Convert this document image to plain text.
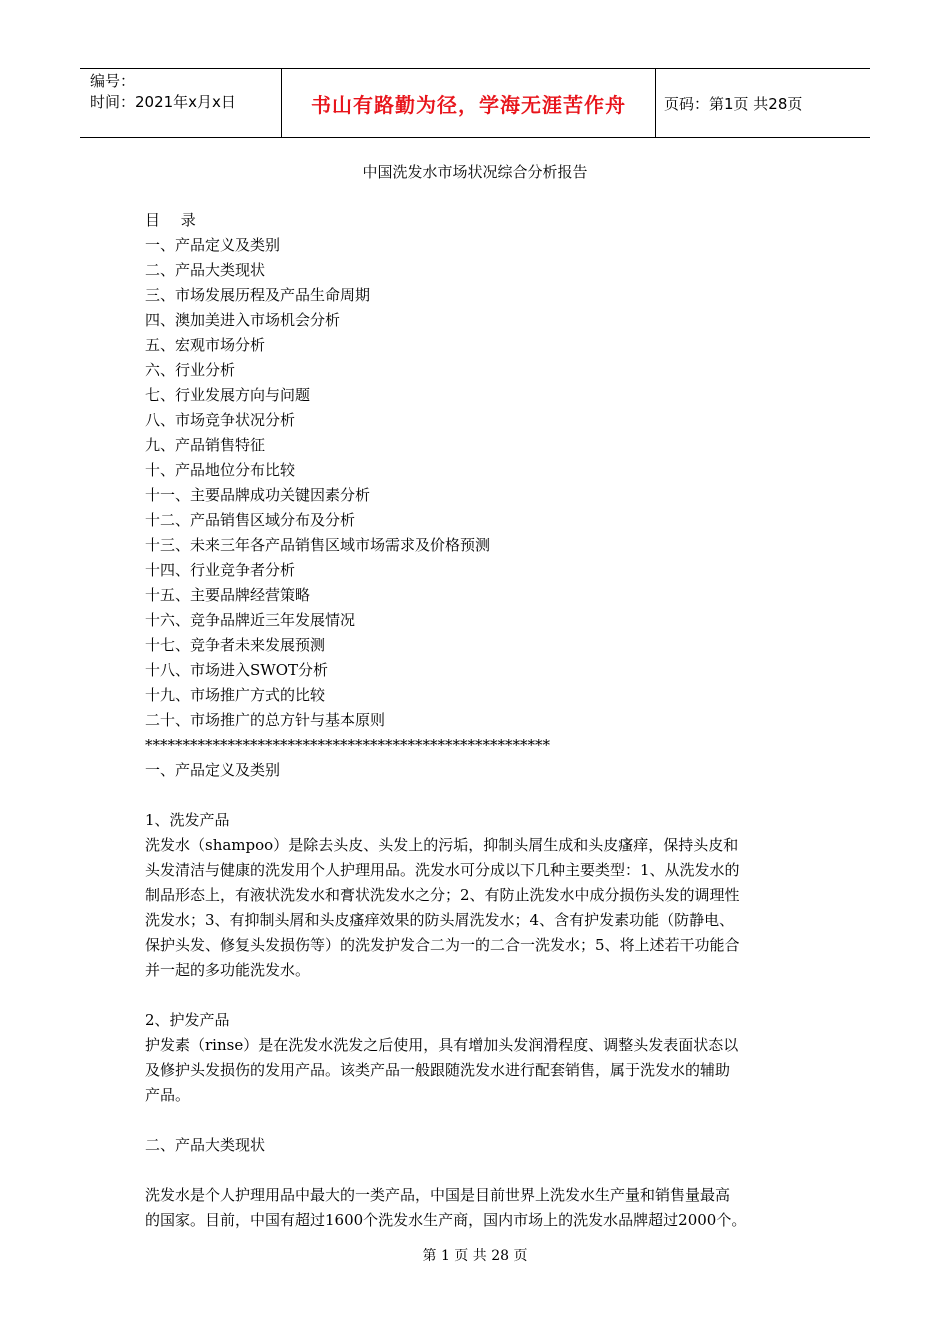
编号：
时间：2021年x月x日	书山有路勤为径，学海无涯苦作舟	页码：第1页 共28页
中国洗发水市场状况综合分析报告

目 录

一、产品定义及类别

二、产品大类现状

三、市场发展历程及产品生命周期

四、澳加美进入市场机会分析

五、宏观市场分析

六、行业分析

七、行业发展方向与问题

八、市场竞争状况分析

九、产品销售特征

十、产品地位分布比较

十一、主要品牌成功关键因素分析

十二、产品销售区域分布及分析

十三、未来三年各产品销售区域市场需求及价格预测

十四、行业竞争者分析

十五、主要品牌经营策略

十六、竞争品牌近三年发展情况

十七、竞争者未来发展预测

十八、市场进入SWOT分析

十九、市场推广方式的比较

二十、市场推广的总方针与基本原则

******************************************************

一、产品定义及类别

1、洗发产品

洗发水（shampoo）是除去头皮、头发上的污垢，抑制头屑生成和头皮瘙痒，保持头皮和

头发清洁与健康的洗发用个人护理用品。洗发水可分成以下几种主要类型：1、从洗发水的

制品形态上，有液状洗发水和膏状洗发水之分；2、有防止洗发水中成分损伤头发的调理性

洗发水；3、有抑制头屑和头皮瘙痒效果的防头屑洗发水；4、含有护发素功能（防静电、

保护头发、修复头发损伤等）的洗发护发合二为一的二合一洗发水；5、将上述若干功能合

并一起的多功能洗发水。

2、护发产品

护发素（rinse）是在洗发水洗发之后使用，具有增加头发润滑程度、调整头发表面状态以

及修护头发损伤的发用产品。该类产品一般跟随洗发水进行配套销售，属于洗发水的辅助

产品。

二、产品大类现状

洗发水是个人护理用品中最大的一类产品，中国是目前世界上洗发水生产量和销售量最高

的国家。目前，中国有超过1600个洗发水生产商，国内市场上的洗发水品牌超过2000个。

第 1 页 共 28 页
